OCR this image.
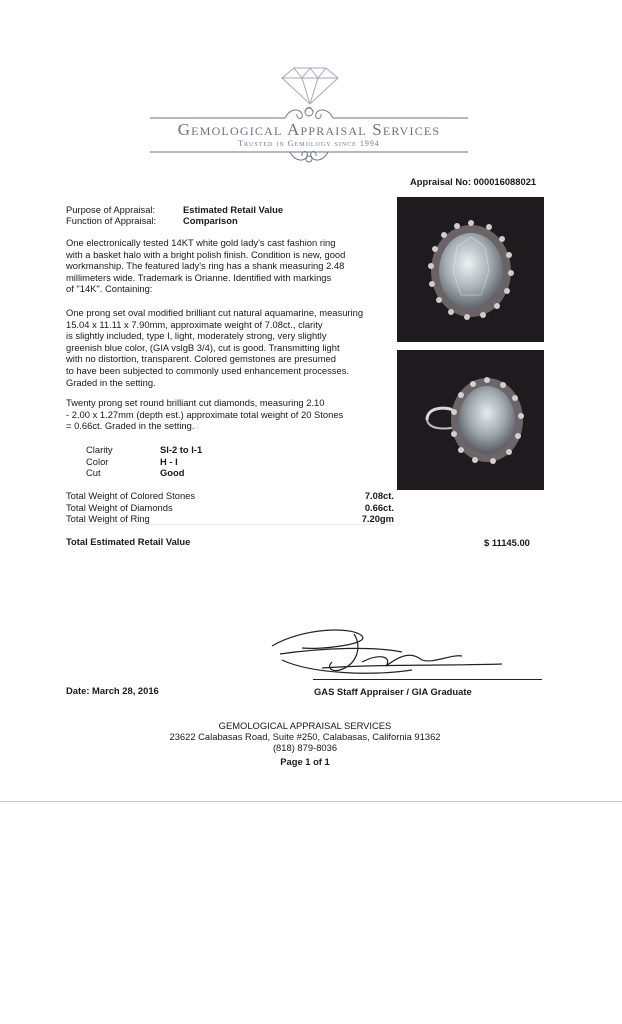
Gemological Appraisal Services
Trusted in Gemology since 1994
Appraisal No: 000016088021
Purpose of Appraisal:	Estimated Retail Value
Function of Appraisal:	Comparison
One electronically tested 14KT white gold lady's cast fashion ring
with a basket halo with a bright polish finish. Condition is new, good
workmanship. The featured lady's ring has a shank measuring 2.48
millimeters wide. Trademark is Orianne. Identified with markings
of "14K". Containing:
One prong set oval modified brilliant cut natural aquamarine, measuring
15.04 x 11.11 x 7.90mm, approximate weight of 7.08ct., clarity
is slightly included, type I, light, moderately strong, very slightly
greenish blue color, (GIA vslgB 3/4), cut is good. Transmitting light
with no distortion, transparent. Colored gemstones are presumed
to have been subjected to commonly used enhancement processes.
Graded in the setting.
Twenty prong set round brilliant cut diamonds, measuring 2.10
- 2.00 x 1.27mm (depth est.) approximate total weight of 20 Stones
= 0.66ct. Graded in the setting.
Clarity	SI-2 to I-1
Color	H - I
Cut	Good
Total Weight of Colored Stones	7.08ct.
Total Weight of Diamonds	0.66ct.
Total Weight of Ring	7.20gm
Total Estimated Retail Value	$ 11145.00
Date: March 28, 2016	GAS Staff Appraiser / GIA Graduate
GEMOLOGICAL APPRAISAL SERVICES
23622 Calabasas Road, Suite #250, Calabasas, California 91362
(818) 879-8036
Page 1 of 1
